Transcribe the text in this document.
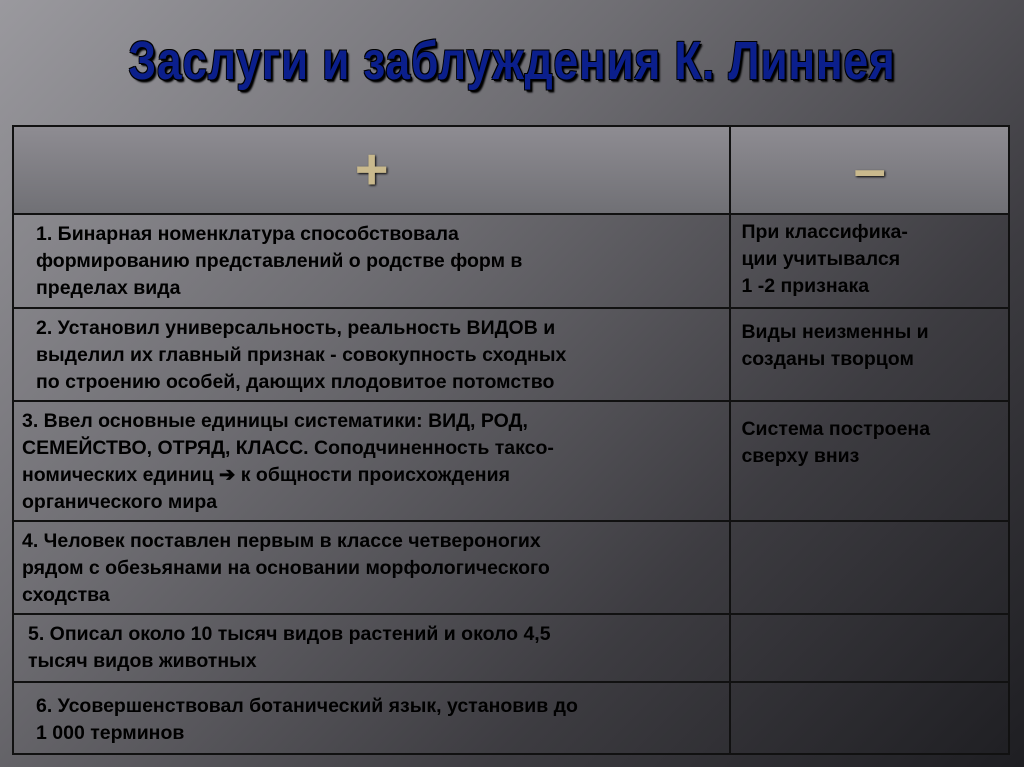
Заслуги и заблуждения К. Линнея
+	–

1. Бинарная номенклатура способствовала
формированию представлений о родстве форм в
пределах вида	При классифика-
ции учитывался
1 -2 признака

2. Установил универсальность, реальность ВИДОВ и
выделил их главный признак - совокупность сходных
по строению особей, дающих плодовитое потомство	Виды неизменны и
созданы творцом

3. Ввел основные единицы систематики: ВИД, РОД,
СЕМЕЙСТВО, ОТРЯД, КЛАСС. Соподчиненность таксо-
номических единиц ➔ к общности происхождения
органического мира	Система построена
сверху вниз

4. Человек поставлен первым в классе четвероногих
рядом с обезьянами на основании морфологического
сходства	

5. Описал около 10 тысяч видов растений и около 4,5
тысяч видов животных	

6. Усовершенствовал ботанический язык, установив до
1 000 терминов	
